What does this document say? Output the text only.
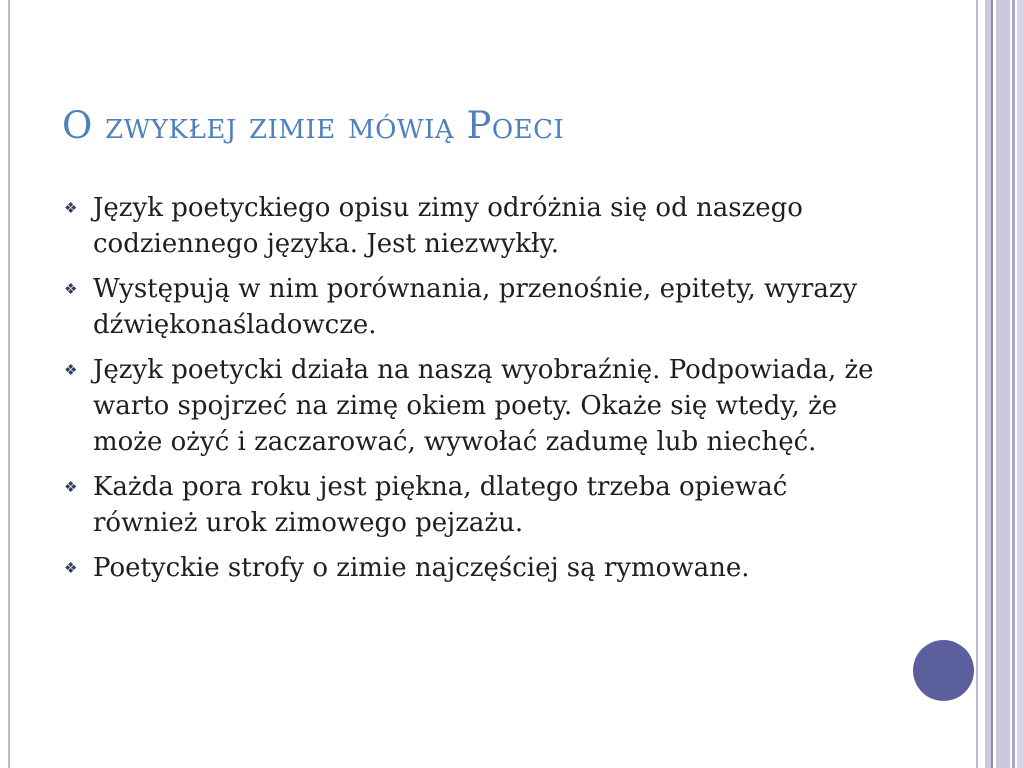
O zwykłej zimie mówią Poeci
❖ Język poetyckiego opisu zimy odróżnia się od naszego codziennego języka. Jest niezwykły.
❖ Występują w nim porównania, przenośnie, epitety, wyrazy dźwiękonaśladowcze.
❖ Język poetycki działa na naszą wyobraźnię. Podpowiada, że warto spojrzeć na zimę okiem poety. Okaże się wtedy, że może ożyć i zaczarować, wywołać zadumę lub niechęć.
❖ Każda pora roku jest piękna, dlatego trzeba opiewać również urok zimowego pejzażu.
❖ Poetyckie strofy o zimie najczęściej są rymowane.
